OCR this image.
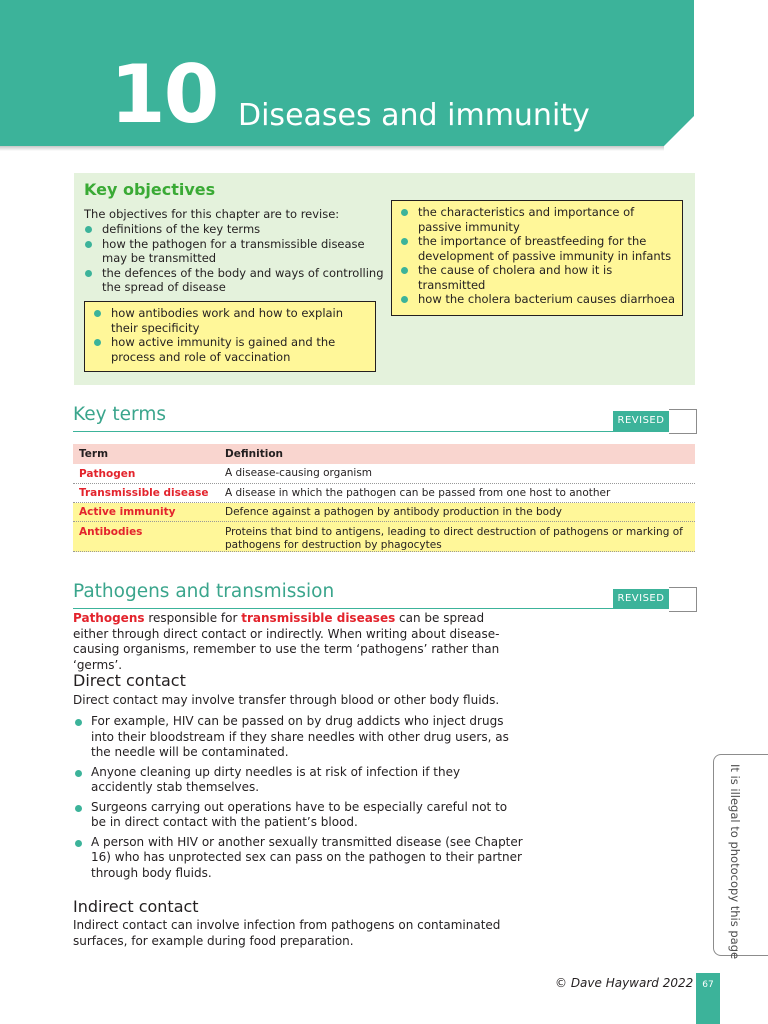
10 Diseases and immunity
Key objectives
The objectives for this chapter are to revise:
definitions of the key terms
how the pathogen for a transmissible disease may be transmitted
the defences of the body and ways of controlling the spread of disease
how antibodies work and how to explain their specificity
how active immunity is gained and the process and role of vaccination
the characteristics and importance of passive immunity
the importance of breastfeeding for the development of passive immunity in infants
the cause of cholera and how it is transmitted
how the cholera bacterium causes diarrhoea
Key terms	REVISED
Term	Definition
Pathogen	A disease-causing organism
Transmissible disease	A disease in which the pathogen can be passed from one host to another
Active immunity	Defence against a pathogen by antibody production in the body
Antibodies	Proteins that bind to antigens, leading to direct destruction of pathogens or marking of pathogens for destruction by phagocytes
Pathogens and transmission	REVISED
Pathogens responsible for transmissible diseases can be spread either through direct contact or indirectly. When writing about disease-causing organisms, remember to use the term ‘pathogens’ rather than ‘germs’.
Direct contact
Direct contact may involve transfer through blood or other body fluids.
For example, HIV can be passed on by drug addicts who inject drugs into their bloodstream if they share needles with other drug users, as the needle will be contaminated.
Anyone cleaning up dirty needles is at risk of infection if they accidently stab themselves.
Surgeons carrying out operations have to be especially careful not to be in direct contact with the patient’s blood.
A person with HIV or another sexually transmitted disease (see Chapter 16) who has unprotected sex can pass on the pathogen to their partner through body fluids.
Indirect contact
Indirect contact can involve infection from pathogens on contaminated surfaces, for example during food preparation.	It is illegal to photocopy this page
© Dave Hayward 2022	67
